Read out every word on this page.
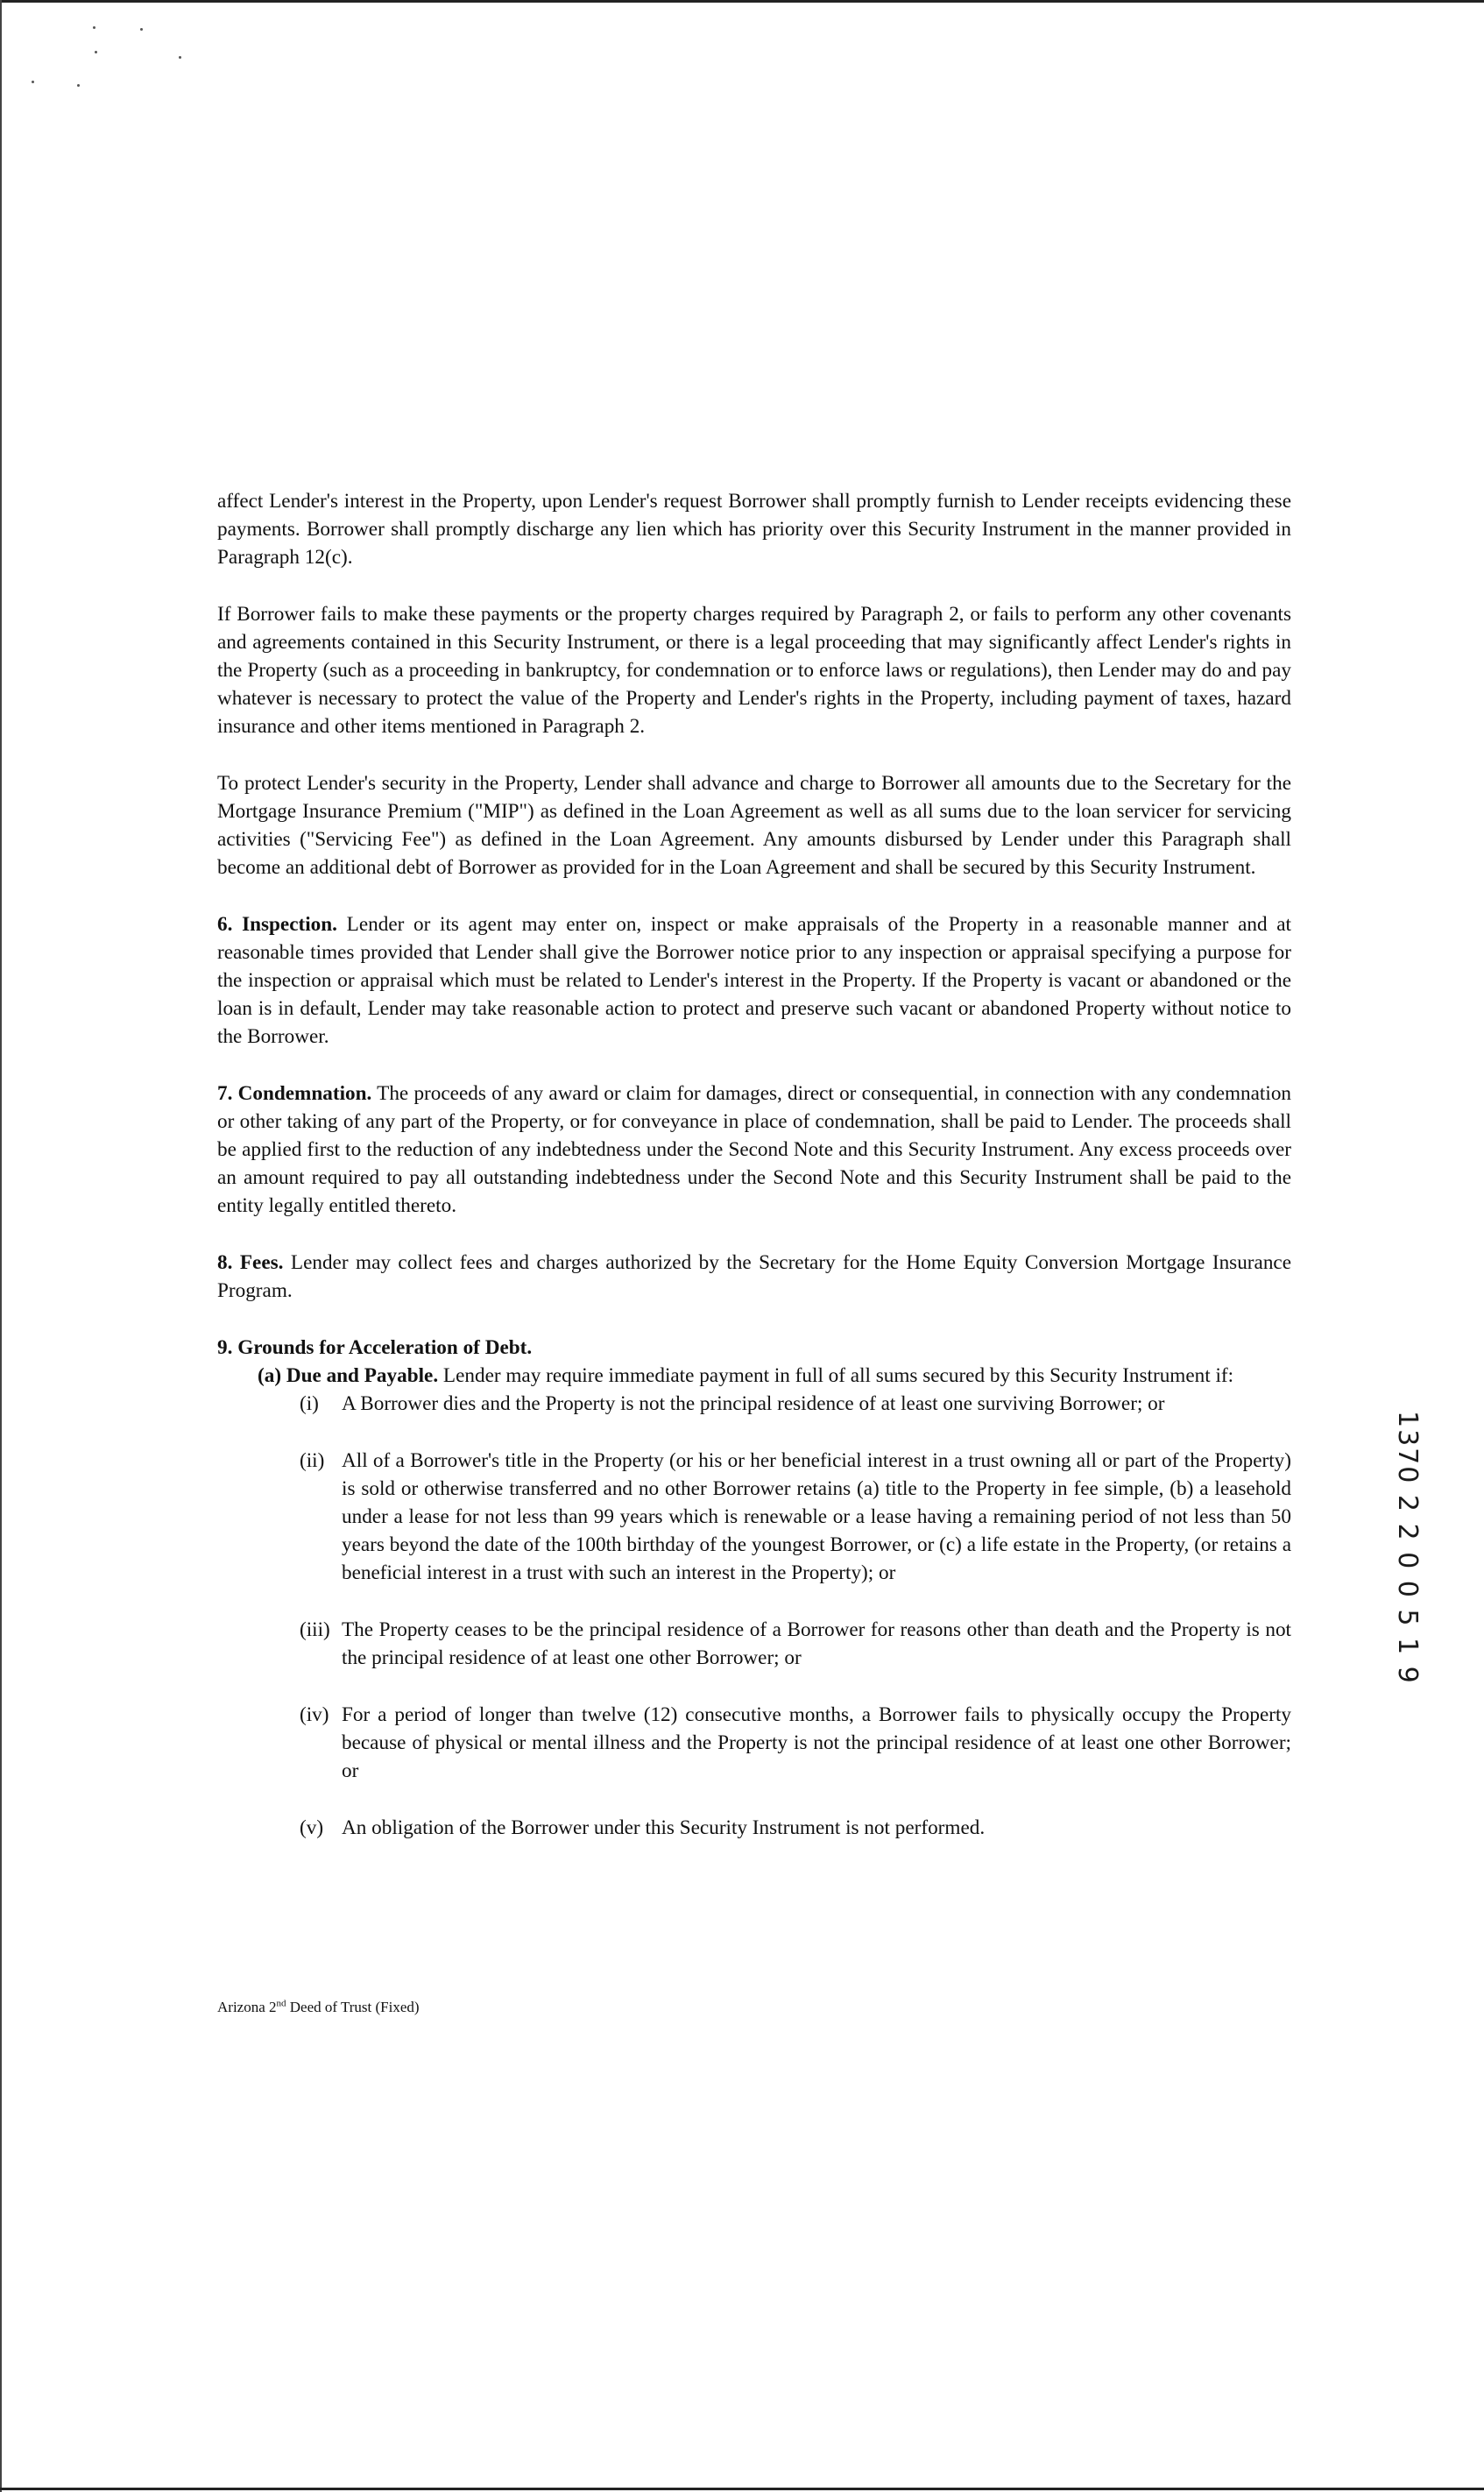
affect Lender's interest in the Property, upon Lender's request Borrower shall promptly furnish to Lender receipts evidencing these payments. Borrower shall promptly discharge any lien which has priority over this Security Instrument in the manner provided in Paragraph 12(c).

If Borrower fails to make these payments or the property charges required by Paragraph 2, or fails to perform any other covenants and agreements contained in this Security Instrument, or there is a legal proceeding that may significantly affect Lender's rights in the Property (such as a proceeding in bankruptcy, for condemnation or to enforce laws or regulations), then Lender may do and pay whatever is necessary to protect the value of the Property and Lender's rights in the Property, including payment of taxes, hazard insurance and other items mentioned in Paragraph 2.

To protect Lender's security in the Property, Lender shall advance and charge to Borrower all amounts due to the Secretary for the Mortgage Insurance Premium ("MIP") as defined in the Loan Agreement as well as all sums due to the loan servicer for servicing activities ("Servicing Fee") as defined in the Loan Agreement. Any amounts disbursed by Lender under this Paragraph shall become an additional debt of Borrower as provided for in the Loan Agreement and shall be secured by this Security Instrument.

6. Inspection. Lender or its agent may enter on, inspect or make appraisals of the Property in a reasonable manner and at reasonable times provided that Lender shall give the Borrower notice prior to any inspection or appraisal specifying a purpose for the inspection or appraisal which must be related to Lender's interest in the Property. If the Property is vacant or abandoned or the loan is in default, Lender may take reasonable action to protect and preserve such vacant or abandoned Property without notice to the Borrower.

7. Condemnation. The proceeds of any award or claim for damages, direct or consequential, in connection with any condemnation or other taking of any part of the Property, or for conveyance in place of condemnation, shall be paid to Lender. The proceeds shall be applied first to the reduction of any indebtedness under the Second Note and this Security Instrument. Any excess proceeds over an amount required to pay all outstanding indebtedness under the Second Note and this Security Instrument shall be paid to the entity legally entitled thereto.

8. Fees. Lender may collect fees and charges authorized by the Secretary for the Home Equity Conversion Mortgage Insurance Program.

9. Grounds for Acceleration of Debt.

(a) Due and Payable. Lender may require immediate payment in full of all sums secured by this Security Instrument if:

(i)	A Borrower dies and the Property is not the principal residence of at least one surviving Borrower; or
(ii) All of a Borrower's title in the Property (or his or her beneficial interest in a trust owning all or part of the Property) is sold or otherwise transferred and no other Borrower retains (a) title to the Property in fee simple, (b) a leasehold under a lease for not less than 99 years which is renewable or a lease having a remaining period of not less than 50 years beyond the date of the 100th birthday of the youngest Borrower, or (c) a life estate in the Property, (or retains a beneficial interest in a trust with such an interest in the Property); or
(iii) The Property ceases to be the principal residence of a Borrower for reasons other than death and the Property is not the principal residence of at least one other Borrower; or
(iv) For a period of longer than twelve (12) consecutive months, a Borrower fails to physically occupy the Property because of physical or mental illness and the Property is not the principal residence of at least one other Borrower; or
(v) An obligation of the Borrower under this Security Instrument is not performed.
Arizona 2nd Deed of Trust (Fixed)
1370 2 2 0 0 5 1 9
